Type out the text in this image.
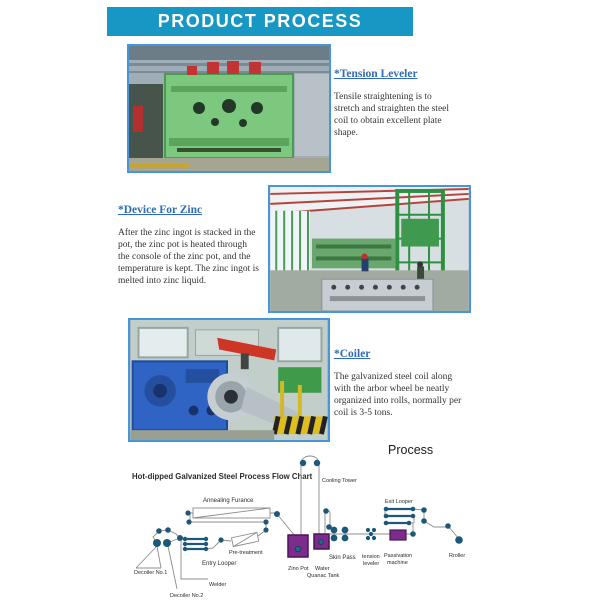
PRODUCT PROCESS
*Tension Leveler

Tensile straightening is to stretch and straighten the steel coil to obtain excellent plate shape.

*Device For Zinc

After the zinc ingot is stacked in the pot, the zinc pot is heated through the console of the zinc pot, and the temperature is kept. The zinc ingot is melted into zinc liquid.

*Coiler

The galvanized steel coil along with the arbor wheel be neatly organized into rolls, normally per coil is 3-5 tons.

Process
Hot-dipped Galvanized Steel Process Flow Chart
Annealing Furance
Cooling Tower
Exit Looper
Pre-treatment
Entry Looper
Skin Pass tension
leveler
Passivation
machine
Rroller
Zino Pot Water
Quanac Tank
Welder
Decoiler No.1
Decoiler No.2
